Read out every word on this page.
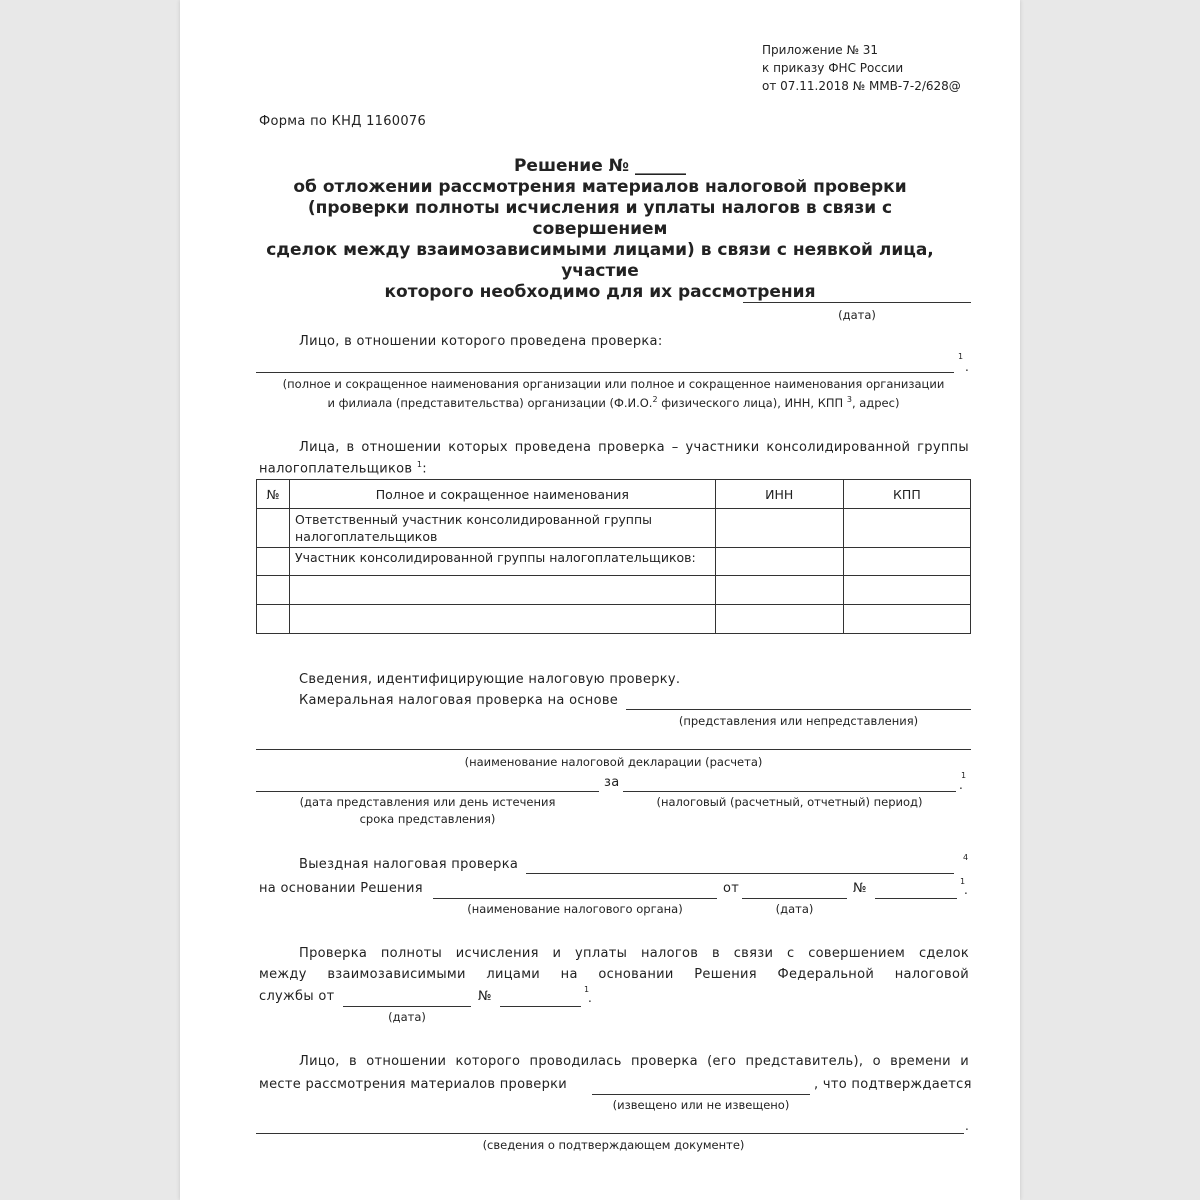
Приложение № 31
к приказу ФНС России
от 07.11.2018 № ММВ-7-2/628@
Форма по КНД 1160076
Решение № ______
об отложении рассмотрения материалов налоговой проверки
(проверки полноты исчисления и уплаты налогов в связи с совершением
сделок между взаимозависимыми лицами) в связи с неявкой лица, участие
которого необходимо для их рассмотрения
(дата)
Лицо, в отношении которого проведена проверка:
1
.
(полное и сокращенное наименования организации или полное и сокращенное наименования организации
и филиала (представительства) организации (Ф.И.О.$^2$ физического лица), ИНН, КПП $^3$, адрес)
Лица, в отношении которых проведена проверка – участники консолидированной группы
налогоплательщиков $^1$:
№	Полное и сокращенное наименования	ИНН	КПП
	Ответственный участник консолидированной группы налогоплательщиков		
	Участник консолидированной группы налогоплательщиков:		

Сведения, идентифицирующие налоговую проверку.
Камеральная налоговая проверка на основе
(представления или непредставления)
(наименование налоговой декларации (расчета)
за	1
.
(дата представления или день истечения
срока представления)
(налоговый (расчетный, отчетный) период)
Выездная налоговая проверка	4
на основании Решения	от	№	1
.
(наименование налогового органа)	(дата)
Проверка полноты исчисления и уплаты налогов в связи с совершением сделок
между взаимозависимыми лицами на основании Решения Федеральной налоговой
службы от	№	1
.
(дата)
Лицо, в отношении которого проводилась проверка (его представитель), о времени и
месте рассмотрения материалов проверки	, что подтверждается
(извещено или не извещено)
.
(сведения о подтверждающем документе)
